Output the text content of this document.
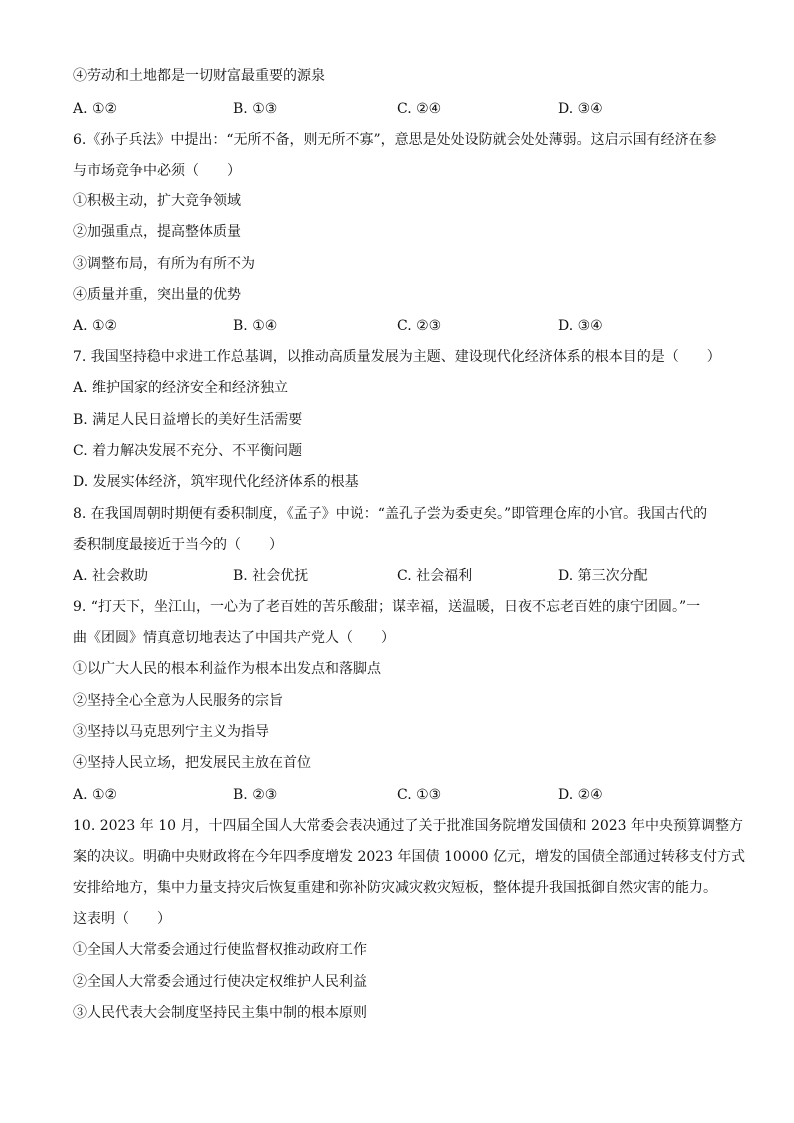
④劳动和土地都是一切财富最重要的源泉
A. ①②	B. ①③	C. ②④	D. ③④
6.《孙子兵法》中提出：“无所不备，则无所不寡”，意思是处处设防就会处处薄弱。这启示国有经济在参
与市场竞争中必须（　　）
①积极主动，扩大竞争领域
②加强重点，提高整体质量
③调整布局，有所为有所不为
④质量并重，突出量的优势
A. ①②	B. ①④	C. ②③	D. ③④
7. 我国坚持稳中求进工作总基调，以推动高质量发展为主题、建设现代化经济体系的根本目的是（　　）
A. 维护国家的经济安全和经济独立
B. 满足人民日益增长的美好生活需要
C. 着力解决发展不充分、不平衡问题
D. 发展实体经济，筑牢现代化经济体系的根基
8. 在我国周朝时期便有委积制度，《孟子》中说：“盖孔子尝为委吏矣。”即管理仓库的小官。我国古代的
委积制度最接近于当今的（　　）
A. 社会救助	B. 社会优抚	C. 社会福利	D. 第三次分配
9. “打天下，坐江山，一心为了老百姓的苦乐酸甜；谋幸福，送温暖，日夜不忘老百姓的康宁团圆。”一
曲《团圆》情真意切地表达了中国共产党人（　　）
①以广大人民的根本利益作为根本出发点和落脚点
②坚持全心全意为人民服务的宗旨
③坚持以马克思列宁主义为指导
④坚持人民立场，把发展民主放在首位
A. ①②	B. ②③	C. ①③	D. ②④
10. 2023 年 10 月，十四届全国人大常委会表决通过了关于批准国务院增发国债和 2023 年中央预算调整方
案的决议。明确中央财政将在今年四季度增发 2023 年国债 10000 亿元，增发的国债全部通过转移支付方式
安排给地方，集中力量支持灾后恢复重建和弥补防灾减灾救灾短板，整体提升我国抵御自然灾害的能力。
这表明（　　）
①全国人大常委会通过行使监督权推动政府工作
②全国人大常委会通过行使决定权维护人民利益
③人民代表大会制度坚持民主集中制的根本原则
